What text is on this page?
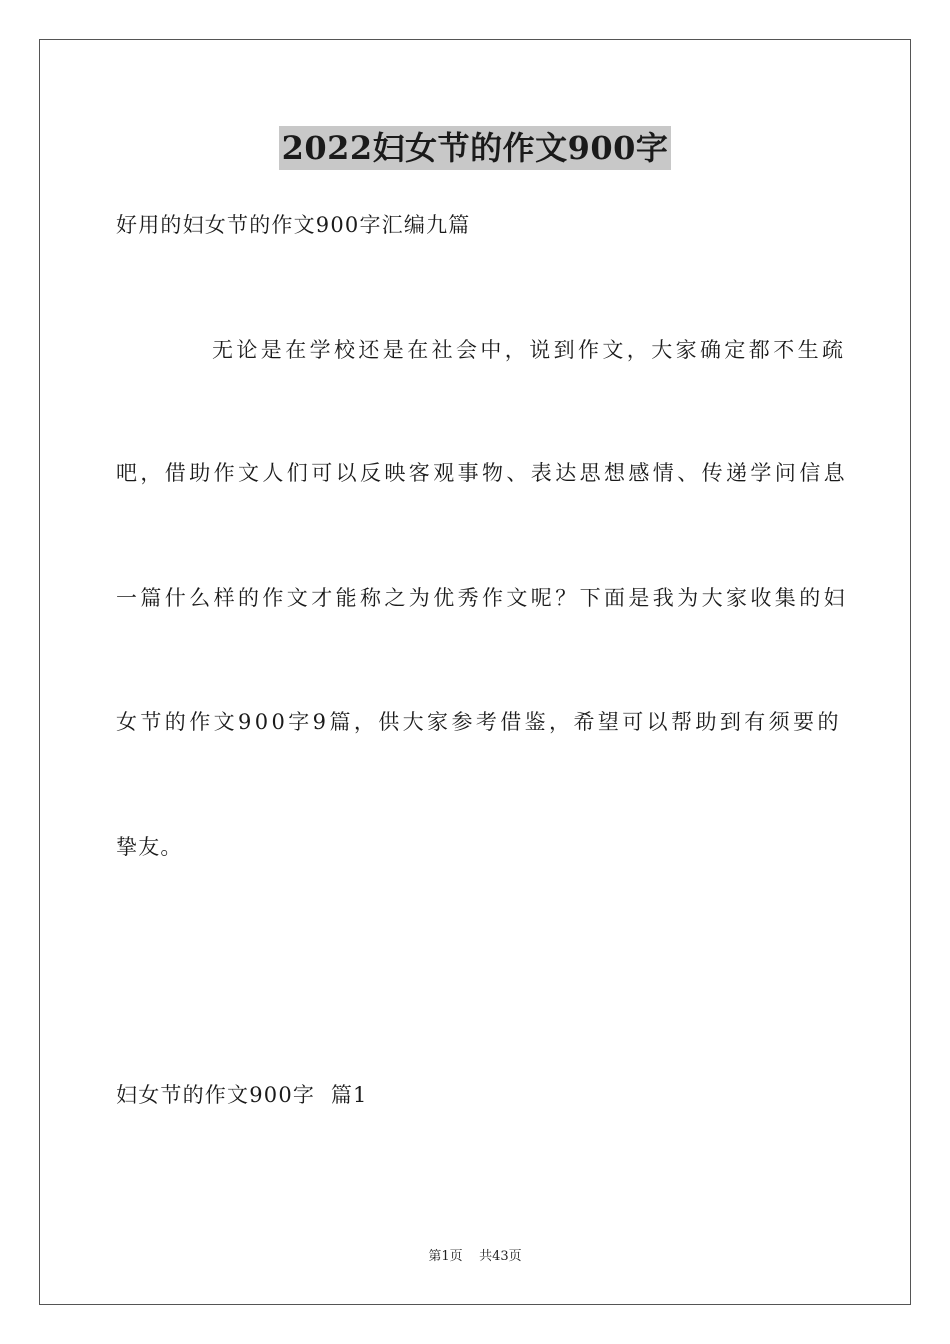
2022妇女节的作文900字
好用的妇女节的作文900字汇编九篇
无论是在学校还是在社会中，说到作文，大家确定都不生疏
吧，借助作文人们可以反映客观事物、表达思想感情、传递学问信息
一篇什么样的作文才能称之为优秀作文呢？下面是我为大家收集的妇
女节的作文900字9篇，供大家参考借鉴，希望可以帮助到有须要的
挚友。
妇女节的作文900字  篇1
第1页    共43页
